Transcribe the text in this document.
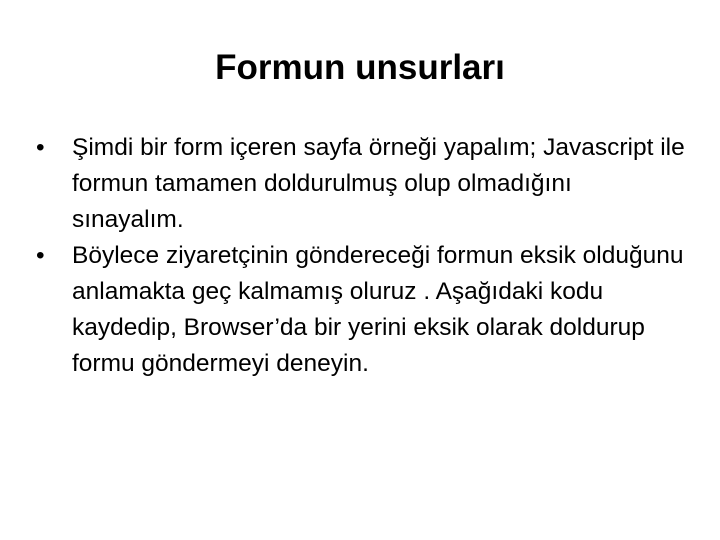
Formun unsurları
•	Şimdi bir form içeren sayfa örneği yapalım; Javascript ile formun tamamen doldurulmuş olup olmadığını sınayalım.
•	Böylece ziyaretçinin göndereceği formun eksik olduğunu anlamakta geç kalmamış oluruz . Aşağıdaki kodu kaydedip, Browser’da bir yerini eksik olarak doldurup formu göndermeyi deneyin.
